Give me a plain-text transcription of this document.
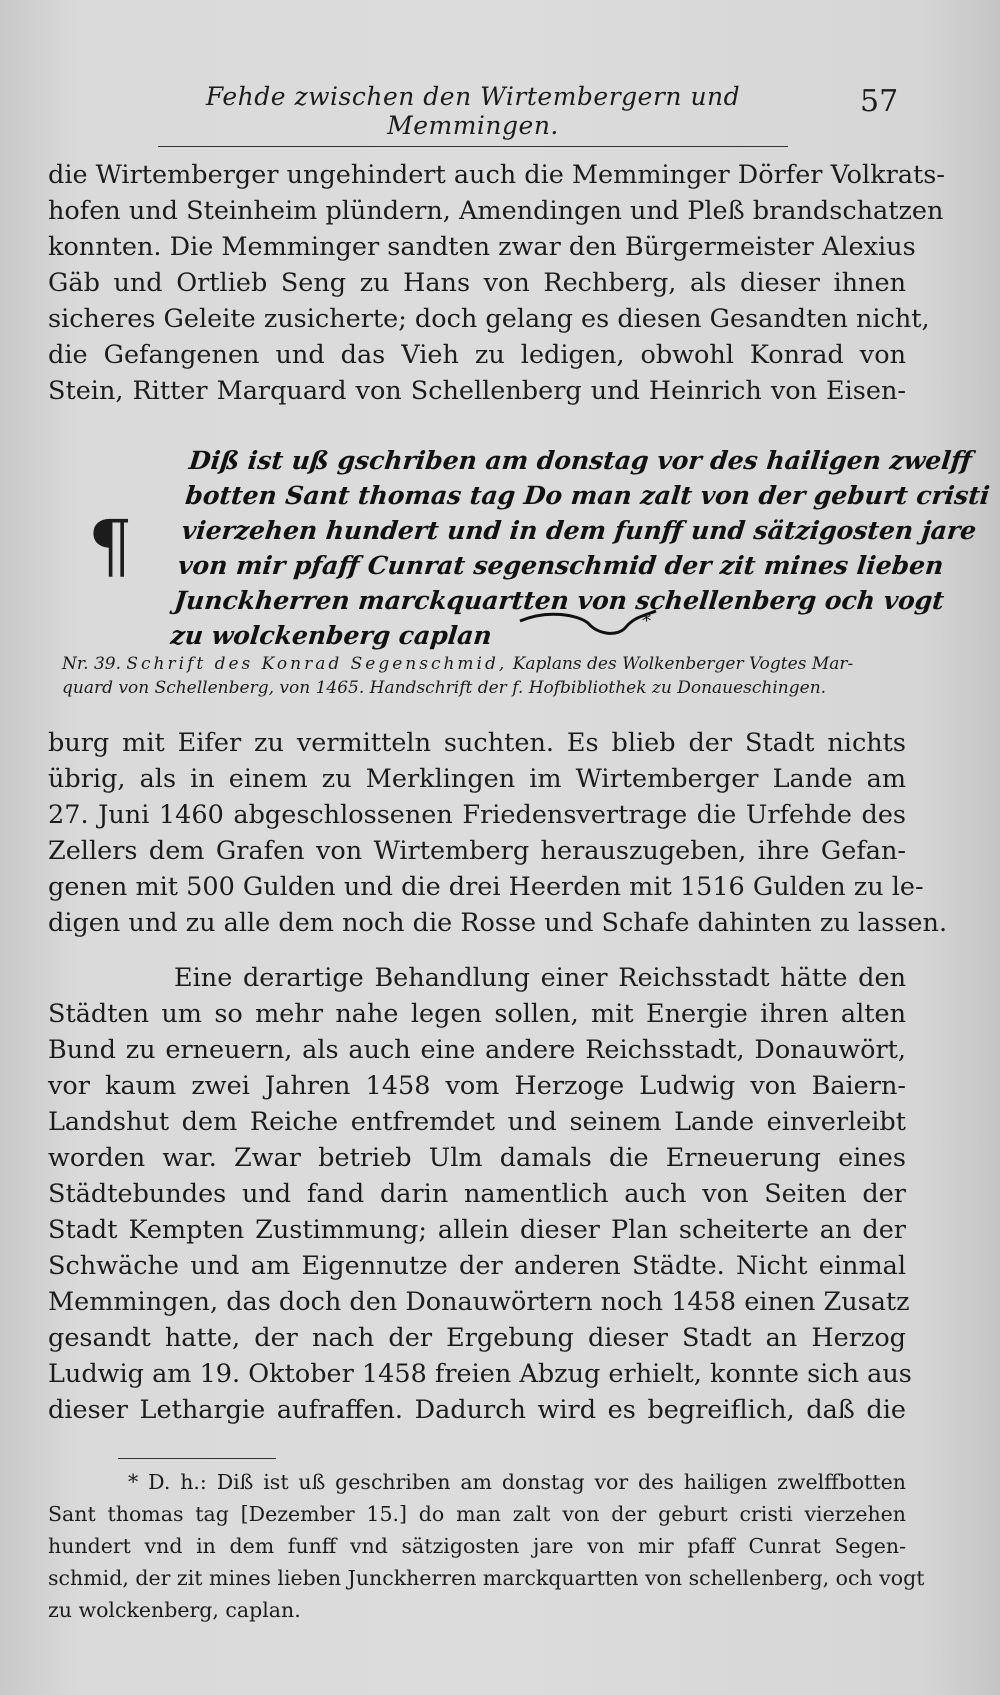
Fehde zwischen den Wirtembergern und Memmingen.
57
die Wirtemberger ungehindert auch die Memminger Dörfer Volkrats-
hofen und Steinheim plündern, Amendingen und Pleß brandschatzen
konnten. Die Memminger sandten zwar den Bürgermeister Alexius
Gäb und Ortlieb Seng zu Hans von Rechberg, als dieser ihnen
sicheres Geleite zusicherte; doch gelang es diesen Gesandten nicht,
die Gefangenen und das Vieh zu ledigen, obwohl Konrad von
Stein, Ritter Marquard von Schellenberg und Heinrich von Eisen-
¶
Diß ist uß gschriben am donstag vor des hailigen zwelff
botten Sant thomas tag Do man zalt von der geburt cristi
vierzehen hundert und in dem funff und sätzigosten jare
von mir pfaff Cunrat segenschmid der zit mines lieben
Junckherren marckquartten von schellenberg och vogt
zu wolckenberg caplan	*
Nr. 39. Schrift des Konrad Segenschmid, Kaplans des Wolkenberger Vogtes Mar-
quard von Schellenberg, von 1465. Handschrift der f. Hofbibliothek zu Donaueschingen.
burg mit Eifer zu vermitteln suchten. Es blieb der Stadt nichts
übrig, als in einem zu Merklingen im Wirtemberger Lande am
27. Juni 1460 abgeschlossenen Friedensvertrage die Urfehde des
Zellers dem Grafen von Wirtemberg herauszugeben, ihre Gefan-
genen mit 500 Gulden und die drei Heerden mit 1516 Gulden zu le-
digen und zu alle dem noch die Rosse und Schafe dahinten zu lassen.
Eine derartige Behandlung einer Reichsstadt hätte den
Städten um so mehr nahe legen sollen, mit Energie ihren alten
Bund zu erneuern, als auch eine andere Reichsstadt, Donauwört,
vor kaum zwei Jahren 1458 vom Herzoge Ludwig von Baiern-
Landshut dem Reiche entfremdet und seinem Lande einverleibt
worden war. Zwar betrieb Ulm damals die Erneuerung eines
Städtebundes und fand darin namentlich auch von Seiten der
Stadt Kempten Zustimmung; allein dieser Plan scheiterte an der
Schwäche und am Eigennutze der anderen Städte. Nicht einmal
Memmingen, das doch den Donauwörtern noch 1458 einen Zusatz
gesandt hatte, der nach der Ergebung dieser Stadt an Herzog
Ludwig am 19. Oktober 1458 freien Abzug erhielt, konnte sich aus
dieser Lethargie aufraffen. Dadurch wird es begreiflich, daß die
* D. h.: Diß ist uß geschriben am donstag vor des hailigen zwelffbotten
Sant thomas tag [Dezember 15.] do man zalt von der geburt cristi vierzehen
hundert vnd in dem funff vnd sätzigosten jare von mir pfaff Cunrat Segen-
schmid, der zit mines lieben Junckherren marckquartten von schellenberg, och vogt
zu wolckenberg, caplan.
